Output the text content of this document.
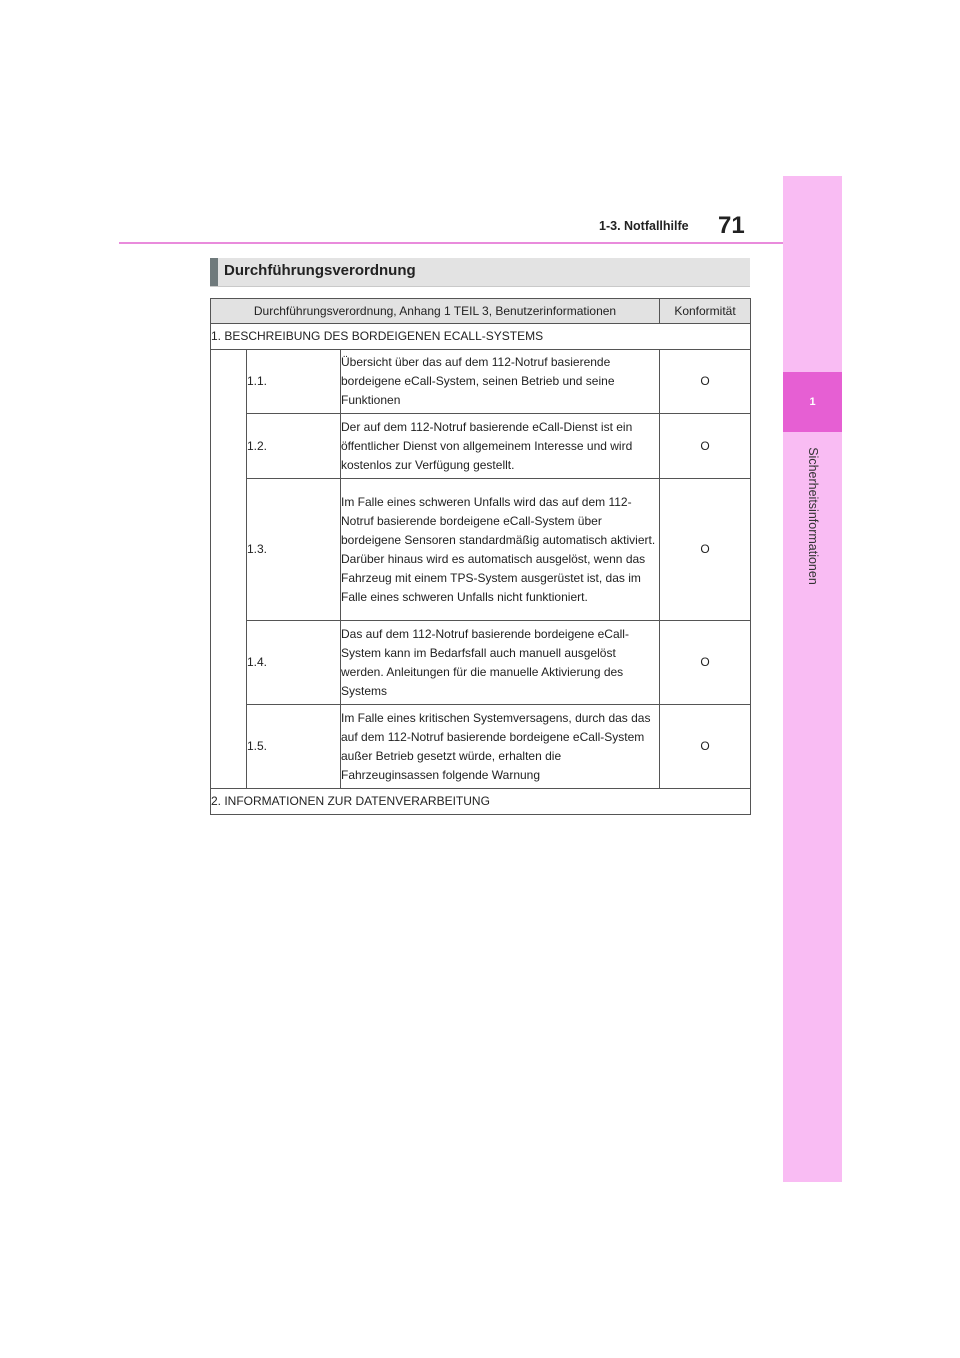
1
Sicherheitsinformationen
1-3. Notfallhilfe 71
Durchführungsverordnung
Durchführungsverordnung, Anhang 1 TEIL 3, Benutzerinformationen			Konformität
1. BESCHREIBUNG DES BORDEIGENEN ECALL-SYSTEMS			
	1.1.	Übersicht über das auf dem 112-Notruf basierende bordeigene eCall-System, seinen Betrieb und seine Funktionen	O
	1.2.	Der auf dem 112-Notruf basierende eCall-Dienst ist ein öffentlicher Dienst von allgemeinem Interesse und wird kostenlos zur Verfügung gestellt.	O
	1.3.	Im Falle eines schweren Unfalls wird das auf dem 112-Notruf basierende bordeigene eCall-System über bordeigene Sensoren standardmäßig automatisch aktiviert. Darüber hinaus wird es automatisch ausgelöst, wenn das Fahrzeug mit einem TPS-System ausgerüstet ist, das im Falle eines schweren Unfalls nicht funktioniert.	O
	1.4.	Das auf dem 112-Notruf basierende bordeigene eCall-System kann im Bedarfsfall auch manuell ausgelöst werden. Anleitungen für die manuelle Aktivierung des Systems	O
	1.5.	Im Falle eines kritischen Systemversagens, durch das das auf dem 112-Notruf basierende bordeigene eCall-System außer Betrieb gesetzt würde, erhalten die Fahrzeuginsassen folgende Warnung	O
2. INFORMATIONEN ZUR DATENVERARBEITUNG			
